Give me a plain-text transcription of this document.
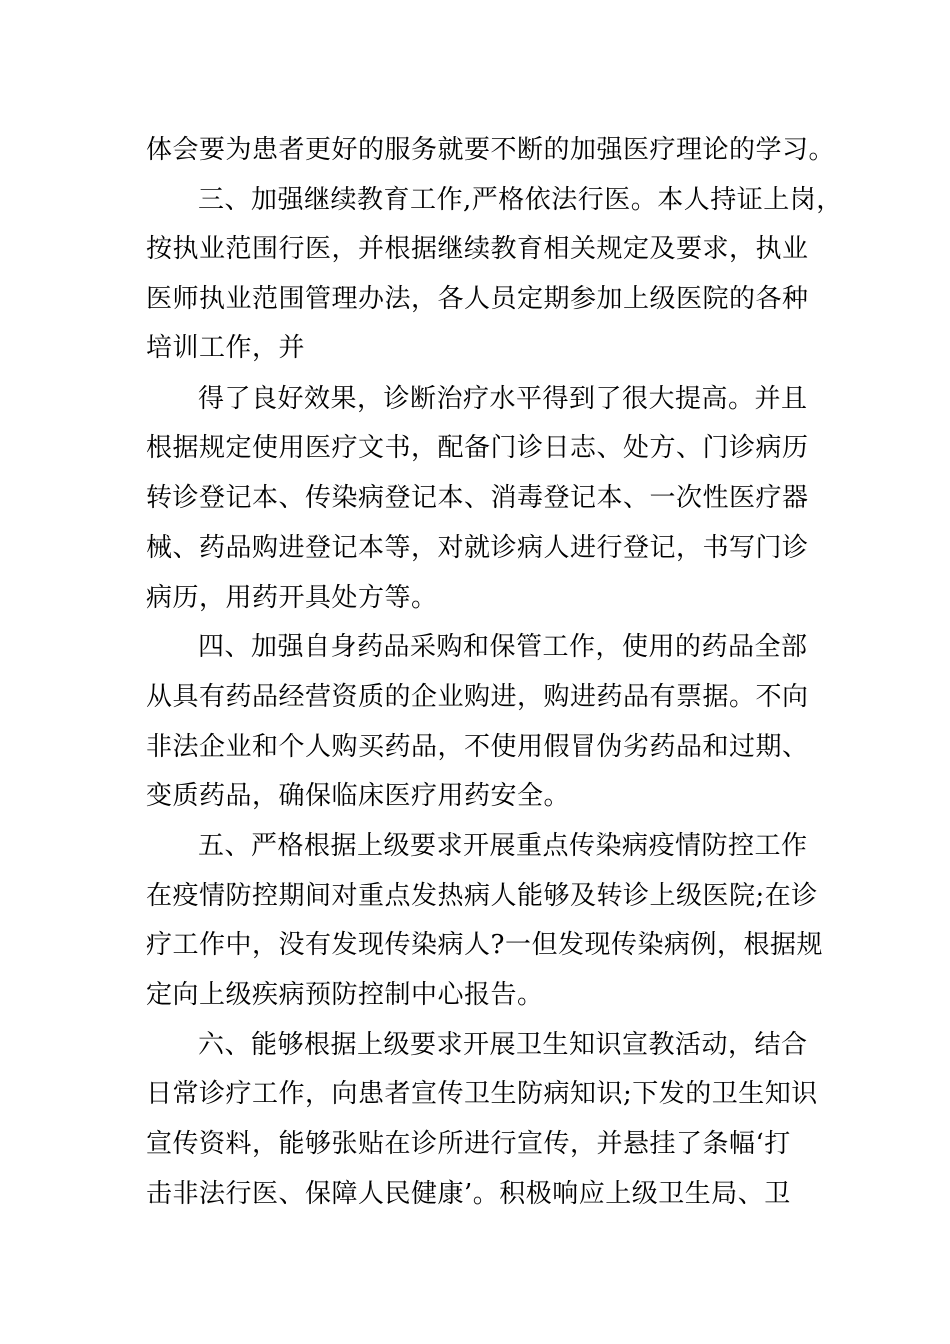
体会要为患者更好的服务就要不断的加强医疗理论的学习。
三、加强继续教育工作,严格依法行医。本人持证上岗，
按执业范围行医，并根据继续教育相关规定及要求，执业
医师执业范围管理办法，各人员定期参加上级医院的各种
培训工作，并
得了良好效果，诊断治疗水平得到了很大提高。并且
根据规定使用医疗文书，配备门诊日志、处方、门诊病历
转诊登记本、传染病登记本、消毒登记本、一次性医疗器
械、药品购进登记本等，对就诊病人进行登记，书写门诊
病历，用药开具处方等。
四、加强自身药品采购和保管工作，使用的药品全部
从具有药品经营资质的企业购进，购进药品有票据。不向
非法企业和个人购买药品，不使用假冒伪劣药品和过期、
变质药品，确保临床医疗用药安全。
五、严格根据上级要求开展重点传染病疫情防控工作
在疫情防控期间对重点发热病人能够及转诊上级医院;在诊
疗工作中，没有发现传染病人?一但发现传染病例，根据规
定向上级疾病预防控制中心报告。
六、能够根据上级要求开展卫生知识宣教活动，结合
日常诊疗工作，向患者宣传卫生防病知识;下发的卫生知识
宣传资料，能够张贴在诊所进行宣传，并悬挂了条幅‘打
击非法行医、保障人民健康’。积极响应上级卫生局、卫
